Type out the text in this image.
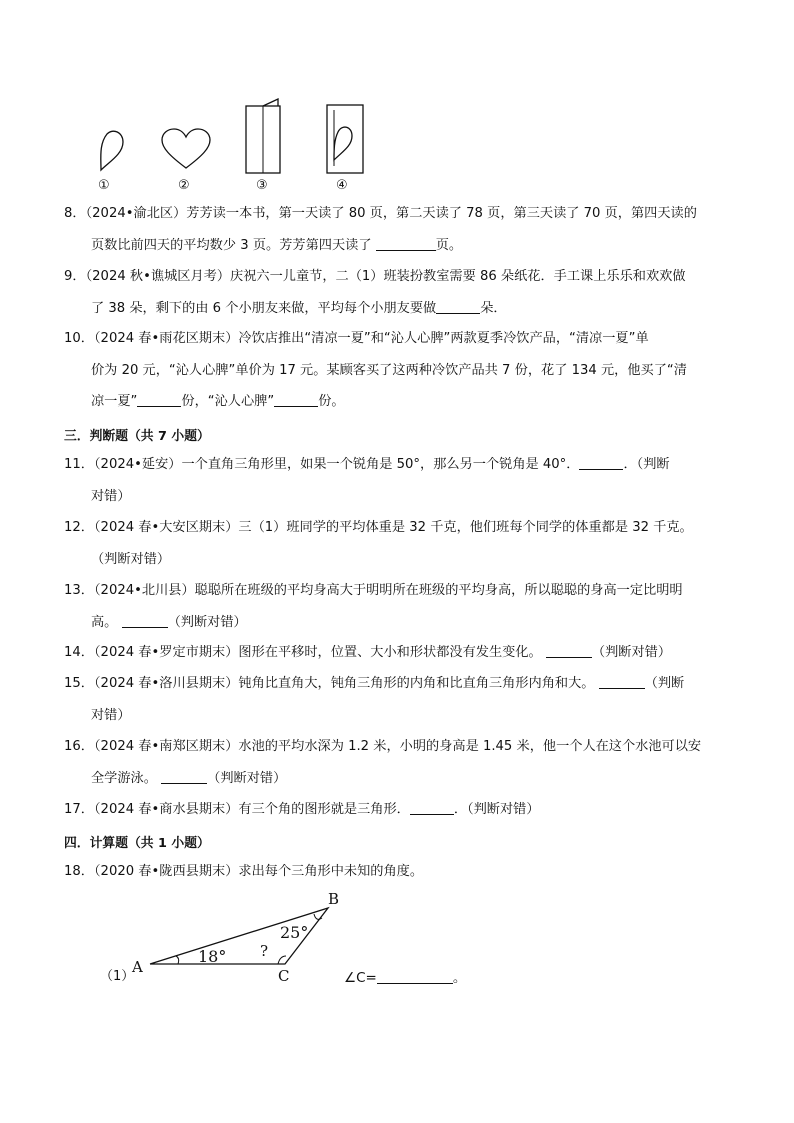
①	②	③	④
8．（2024•渝北区）芳芳读一本书，第一天读了 80 页，第二天读了 78 页，第三天读了 70 页，第四天读的
页数比前四天的平均数少 3 页。芳芳第四天读了	页。
9．（2024 秋•谯城区月考）庆祝六一儿童节，二（1）班装扮教室需要 86 朵纸花．手工课上乐乐和欢欢做
了 38 朵，剩下的由 6 个小朋友来做，平均每个小朋友要做	朵．
10．（2024 春•雨花区期末）冷饮店推出“清凉一夏”和“沁人心脾”两款夏季冷饮产品，“清凉一夏”单
价为 20 元，“沁人心脾”单价为 17 元。某顾客买了这两种冷饮产品共 7 份，花了 134 元，他买了“清
凉一夏”	份，“沁人心脾”	份。
三．判断题（共 7 小题）
11．（2024•延安）一个直角三角形里，如果一个锐角是 50°，那么另一个锐角是 40°．	．（判断
对错）
12．（2024 春•大安区期末）三（1）班同学的平均体重是 32 千克，他们班每个同学的体重都是 32 千克。
（判断对错）
13．（2024•北川县）聪聪所在班级的平均身高大于明明所在班级的平均身高，所以聪聪的身高一定比明明
高。	（判断对错）
14．（2024 春•罗定市期末）图形在平移时，位置、大小和形状都没有发生变化。	（判断对错）
15．（2024 春•洛川县期末）钝角比直角大，钝角三角形的内角和比直角三角形内角和大。	（判断
对错）
16．（2024 春•南郑区期末）水池的平均水深为 1.2 米，小明的身高是 1.45 米，他一个人在这个水池可以安
全学游泳。	（判断对错）
17．（2024 春•商水县期末）有三个角的图形就是三角形．	．（判断对错）
四．计算题（共 1 小题）
18．（2020 春•陇西县期末）求出每个三角形中未知的角度。
（1）
A
B
C
18°
25°
?
∠C=	。
